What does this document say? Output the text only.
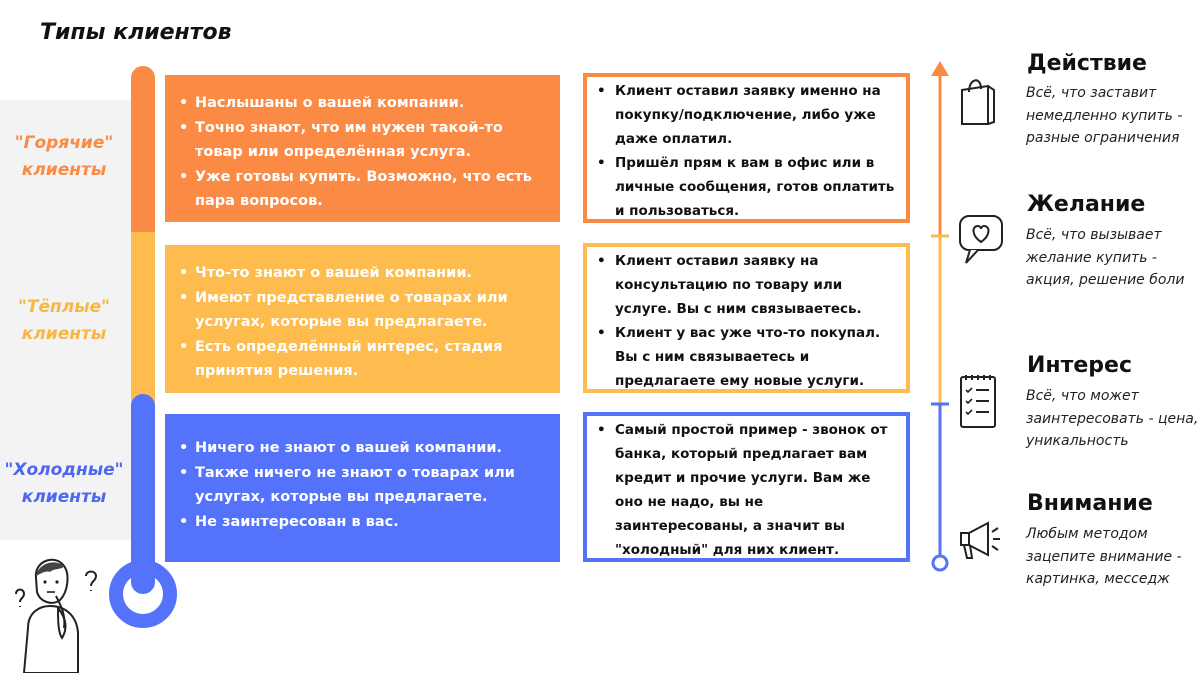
Типы клиентов
"Горячие"
клиенты
"Тёплые"
клиенты
"Холодные"
клиенты
• Наслышаны о вашей компании.
• Точно знают, что им нужен такой-то товар или определённая услуга.
• Уже готовы купить. Возможно, что есть пара вопросов.
• Что-то знают о вашей компании.
• Имеют представление о товарах или услугах, которые вы предлагаете.
• Есть определённый интерес, стадия принятия решения.
• Ничего не знают о вашей компании.
• Также ничего не знают о товарах или услугах, которые вы предлагаете.
• Не заинтересован в вас.
• Клиент оставил заявку именно на покупку/подключение, либо уже даже оплатил.
• Пришёл прям к вам в офис или в личные сообщения, готов оплатить и пользоваться.
• Клиент оставил заявку на консультацию по товару или услуге. Вы с ним связываетесь.
• Клиент у вас уже что-то покупал. Вы с ним связываетесь и предлагаете ему новые услуги.
• Самый простой пример - звонок от банка, который предлагает вам кредит и прочие услуги. Вам же оно не надо, вы не заинтересованы, а значит вы "холодный" для них клиент.
Действие
Всё, что заставит немедленно купить - разные ограничения
Желание
Всё, что вызывает желание купить - акция, решение боли
Интерес
Всё, что может заинтересовать - цена, уникальность
Внимание
Любым методом зацепите внимание - картинка, месседж
